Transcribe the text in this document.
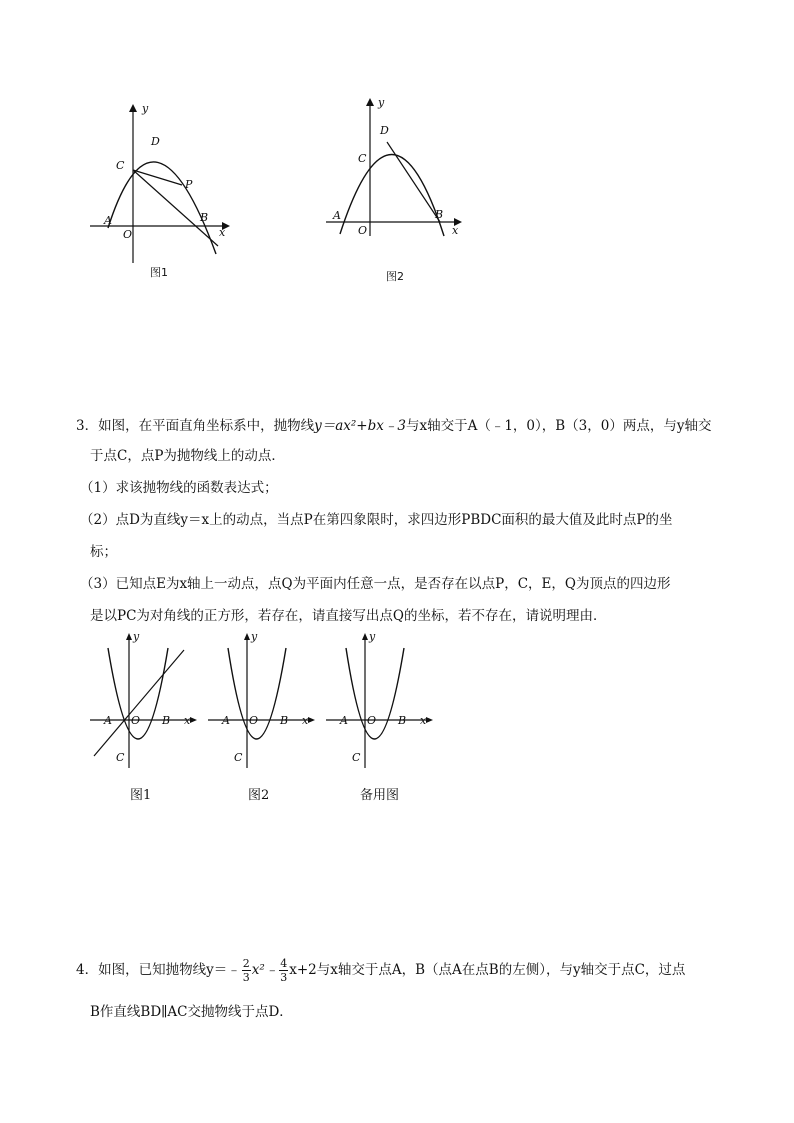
y
x
O
A	B
C
D
P
图1
y
x
O
A	B
C
D
图2
3．如图，在平面直角坐标系中，抛物线y＝ax²+bx﹣3与x轴交于A（﹣1，0），B（3，0）两点，与y轴交
于点C，点P为抛物线上的动点．
（1）求该抛物线的函数表达式；
（2）点D为直线y＝x上的动点，当点P在第四象限时，求四边形PBDC面积的最大值及此时点P的坐
标；
（3）已知点E为x轴上一动点，点Q为平面内任意一点，是否存在以点P，C，E，Q为顶点的四边形
是以PC为对角线的正方形，若存在，请直接写出点Q的坐标，若不存在，请说明理由．
y
A O B x
C
图1
y
A O B x
C
图2
y
A O B x
C
备用图
4．如图，已知抛物线y＝﹣ $\frac{2}{3}$ x²﹣ $\frac{4}{3} x+2$与x轴交于点A，B（点A在点B的左侧），与y轴交于点C，过点
B作直线BD∥AC交抛物线于点D．
